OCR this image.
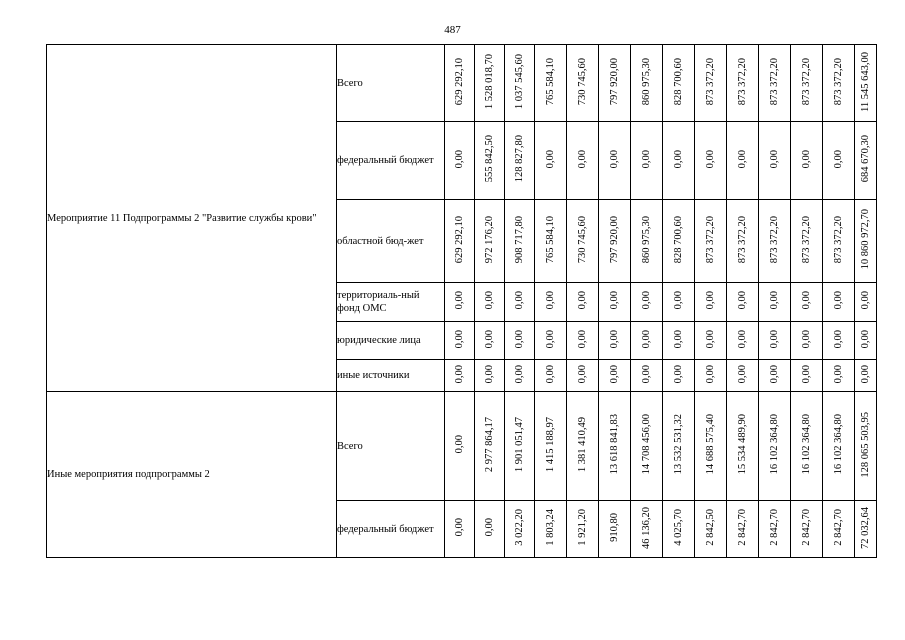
487
Мероприятие 11 Подпрограммы 2 "Развитие службы крови"	Всего	629 292,10	1 528 018,70	1 037 545,60	765 584,10	730 745,60	797 920,00	860 975,30	828 700,60	873 372,20	873 372,20	873 372,20	873 372,20	873 372,20	11 545 643,00
	федеральный бюджет	0,00	555 842,50	128 827,80	0,00	0,00	0,00	0,00	0,00	0,00	0,00	0,00	0,00	0,00	684 670,30
	областной бюд-жет	629 292,10	972 176,20	908 717,80	765 584,10	730 745,60	797 920,00	860 975,30	828 700,60	873 372,20	873 372,20	873 372,20	873 372,20	873 372,20	10 860 972,70
	территориаль-ный фонд ОМС	0,00	0,00	0,00	0,00	0,00	0,00	0,00	0,00	0,00	0,00	0,00	0,00	0,00	0,00
	юридические лица	0,00	0,00	0,00	0,00	0,00	0,00	0,00	0,00	0,00	0,00	0,00	0,00	0,00	0,00
	иные источники	0,00	0,00	0,00	0,00	0,00	0,00	0,00	0,00	0,00	0,00	0,00	0,00	0,00	0,00
Иные мероприятия подпрограммы 2	Всего	0,00	2 977 864,17	1 901 051,47	1 415 188,97	1 381 410,49	13 618 841,83	14 708 456,00	13 532 531,32	14 688 575,40	15 534 489,90	16 102 364,80	16 102 364,80	16 102 364,80	128 065 503,95
	федеральный бюджет	0,00	0,00	3 022,20	1 803,24	1 921,20	910,80	46 136,20	4 025,70	2 842,50	2 842,70	2 842,70	2 842,70	2 842,70	72 032,64
